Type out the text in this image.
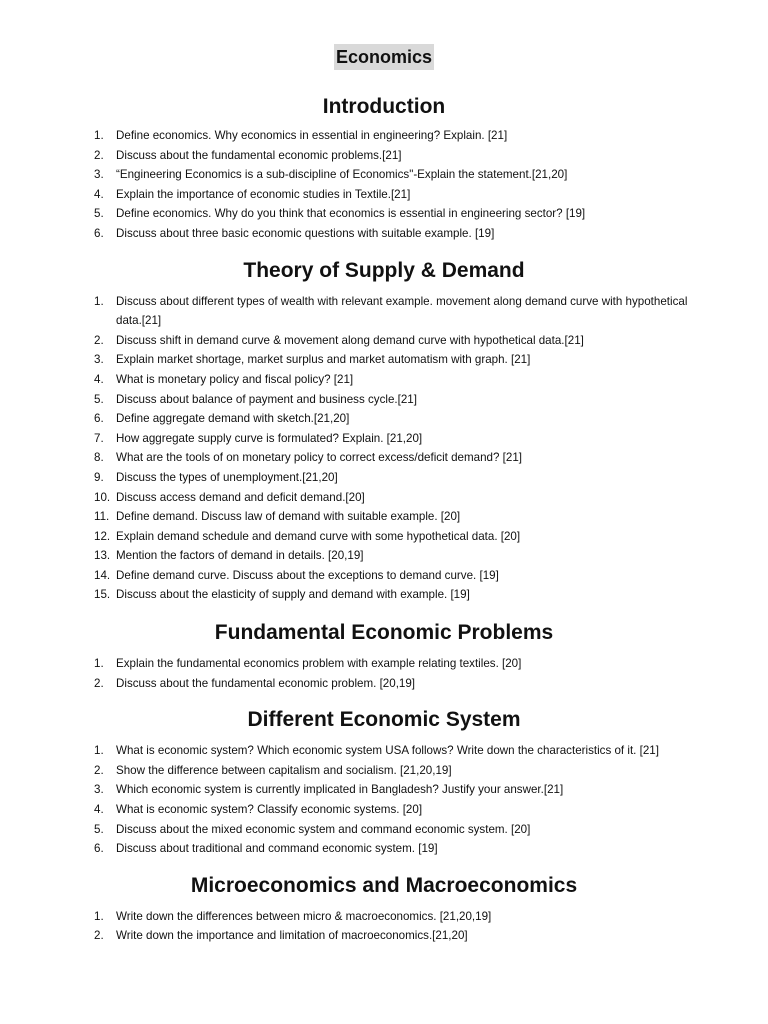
Economics
Introduction
1.	Define economics. Why economics in essential in engineering? Explain. [21]
2.	Discuss about the fundamental economic problems.[21]
3.	“Engineering Economics is a sub-discipline of Economics"-Explain the statement.[21,20]
4.	Explain the importance of economic studies in Textile.[21]
5.	Define economics. Why do you think that economics is essential in engineering sector? [19]
6.	Discuss about three basic economic questions with suitable example. [19]
Theory of Supply & Demand
1.	Discuss about different types of wealth with relevant example. movement along demand curve with hypothetical data.[21]
2.	Discuss shift in demand curve & movement along demand curve with hypothetical data.[21]
3.	Explain market shortage, market surplus and market automatism with graph. [21]
4.	What is monetary policy and fiscal policy? [21]
5.	Discuss about balance of payment and business cycle.[21]
6.	Define aggregate demand with sketch.[21,20]
7.	How aggregate supply curve is formulated? Explain. [21,20]
8.	What are the tools of on monetary policy to correct excess/deficit demand? [21]
9.	Discuss the types of unemployment.[21,20]
10. Discuss access demand and deficit demand.[20]
11. Define demand. Discuss law of demand with suitable example. [20]
12. Explain demand schedule and demand curve with some hypothetical data. [20]
13. Mention the factors of demand in details. [20,19]
14. Define demand curve. Discuss about the exceptions to demand curve. [19]
15. Discuss about the elasticity of supply and demand with example. [19]
Fundamental Economic Problems
1.	Explain the fundamental economics problem with example relating textiles. [20]
2.	Discuss about the fundamental economic problem. [20,19]
Different Economic System
1.	What is economic system? Which economic system USA follows? Write down the characteristics of it. [21]
2.	Show the difference between capitalism and socialism. [21,20,19]
3.	Which economic system is currently implicated in Bangladesh? Justify your answer.[21]
4.	What is economic system? Classify economic systems. [20]
5.	Discuss about the mixed economic system and command economic system. [20]
6.	Discuss about traditional and command economic system. [19]
Microeconomics and Macroeconomics
1.	Write down the differences between micro & macroeconomics. [21,20,19]
2.	Write down the importance and limitation of macroeconomics.[21,20]
